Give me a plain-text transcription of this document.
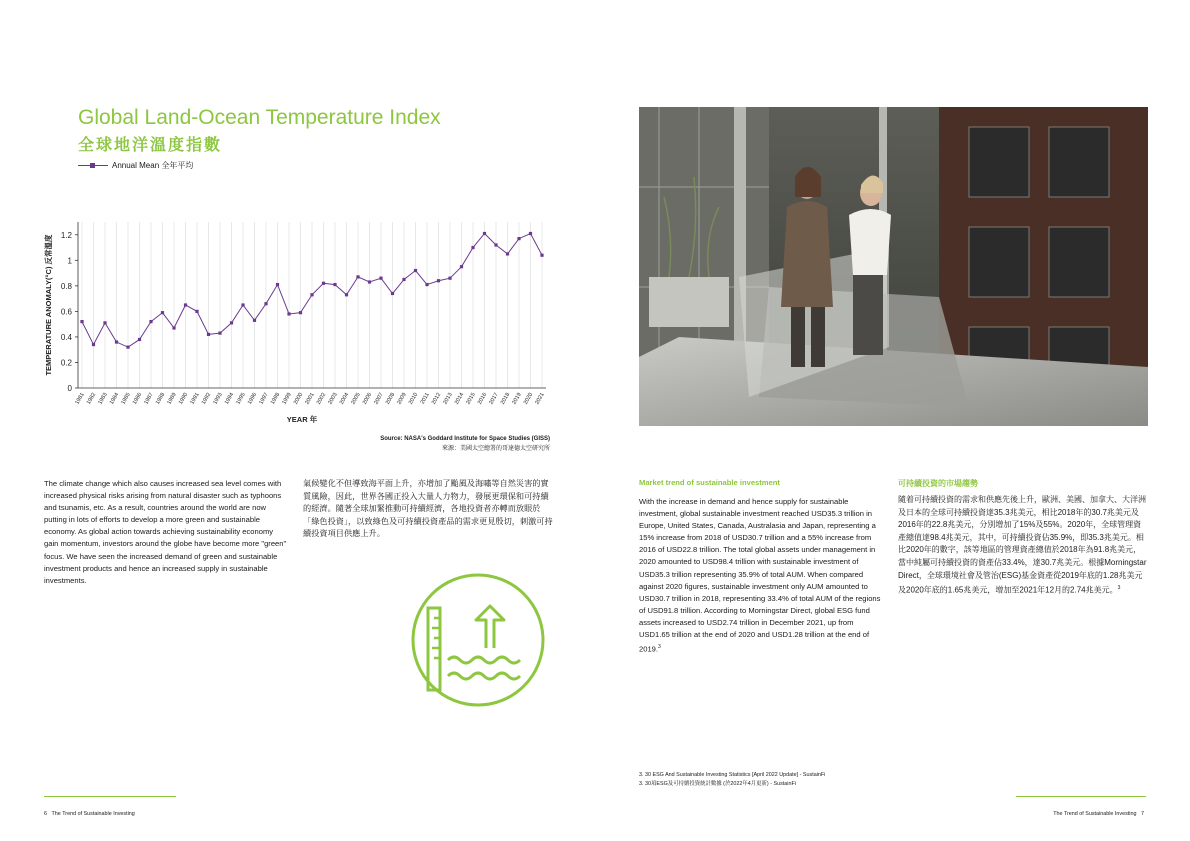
Global Land-Ocean Temperature Index
全球地洋溫度指數
Annual Mean 全年平均
0
0.2
0.4
0.6
0.8
1
1.2
1981 1982 1983 1984 1985 1986 1987 1988 1989 1990 1991 1992 1993 1994 1995 1996 1997 1998 1999 2000 2001 2002 2003 2004 2005 2006 2007 2008 2009 2010 2011 2012 2013 2014 2015 2016 2017 2018 2019 2020 2021
YEAR 年
TEMPERATURE ANOMALY(°C) 反常溫度
Source: NASA's Goddard Institute for Space Studies (GISS)
來源：美國太空總署的哥達德太空研究所
The climate change which also causes increased sea level comes with increased physical risks arising from natural disaster such as typhoons and tsunamis, etc. As a result, countries around the world are now putting in lots of efforts to develop a more green and sustainable economy. As global action towards achieving sustainability economy gain momentum, investors around the globe have become more "green" focus. We have seen the increased demand of green and sustainable investment products and hence an increased supply in sustainable investments.
氣候變化不但導致海平面上升，亦增加了颱風及海嘯等自然災害的實質風險，因此，世界各國正投入大量人力物力，發展更環保和可持續的經濟。隨著全球加緊推動可持續經濟，各地投資者亦轉而放眼於「綠色投資」，以致綠色及可持續投資產品的需求更見殷切，刺激可持續投資項目供應上升。
6 The Trend of Sustainable Investing
Market trend of sustainable investment	可持續投資的市場趨勢
With the increase in demand and hence supply for sustainable investment, global sustainable investment reached USD35.3 trillion in Europe, United States, Canada, Australasia and Japan, representing a 15% increase from 2018 of USD30.7 trillion and a 55% increase from 2016 of USD22.8 trillion. The total global assets under management in 2020 amounted to USD98.4 trillion with sustainable investment of USD35.3 trillion representing 35.9% of total AUM. When compared against 2020 figures, sustainable investment only AUM amounted to USD30.7 trillion in 2018, representing 33.4% of total AUM of the regions of USD91.8 trillion. According to Morningstar Direct, global ESG fund assets increased to USD2.74 trillion in December 2021, up from USD1.65 trillion at the end of 2020 and USD1.28 trillion at the end of 2019.$^3$
隨着可持續投資的需求和供應先後上升，歐洲、美國、加拿大、大洋洲及日本的全球可持續投資達35.3兆美元，相比2018年的30.7兆美元及2016年的22.8兆美元，分別增加了15%及55%。2020年，全球管理資產總值達98.4兆美元，其中，可持續投資佔35.9%，即35.3兆美元。相比2020年的數字，該等地區的管理資產總值於2018年為91.8兆美元，當中純屬可持續投資的資產佔33.4%，達30.7兆美元。根據Morningstar Direct，全球環境社會及管治(ESG)基金資產從2019年底的1.28兆美元及2020年底的1.65兆美元，增加至2021年12月的2.74兆美元。$^3$
3. 30 ESG And Sustainable Investing Statistics [April 2022 Update] - SustainFi
3. 30項ESG及可持續投資統計數據 (於2022年4月更新) - SustainFi
The Trend of Sustainable Investing 7
